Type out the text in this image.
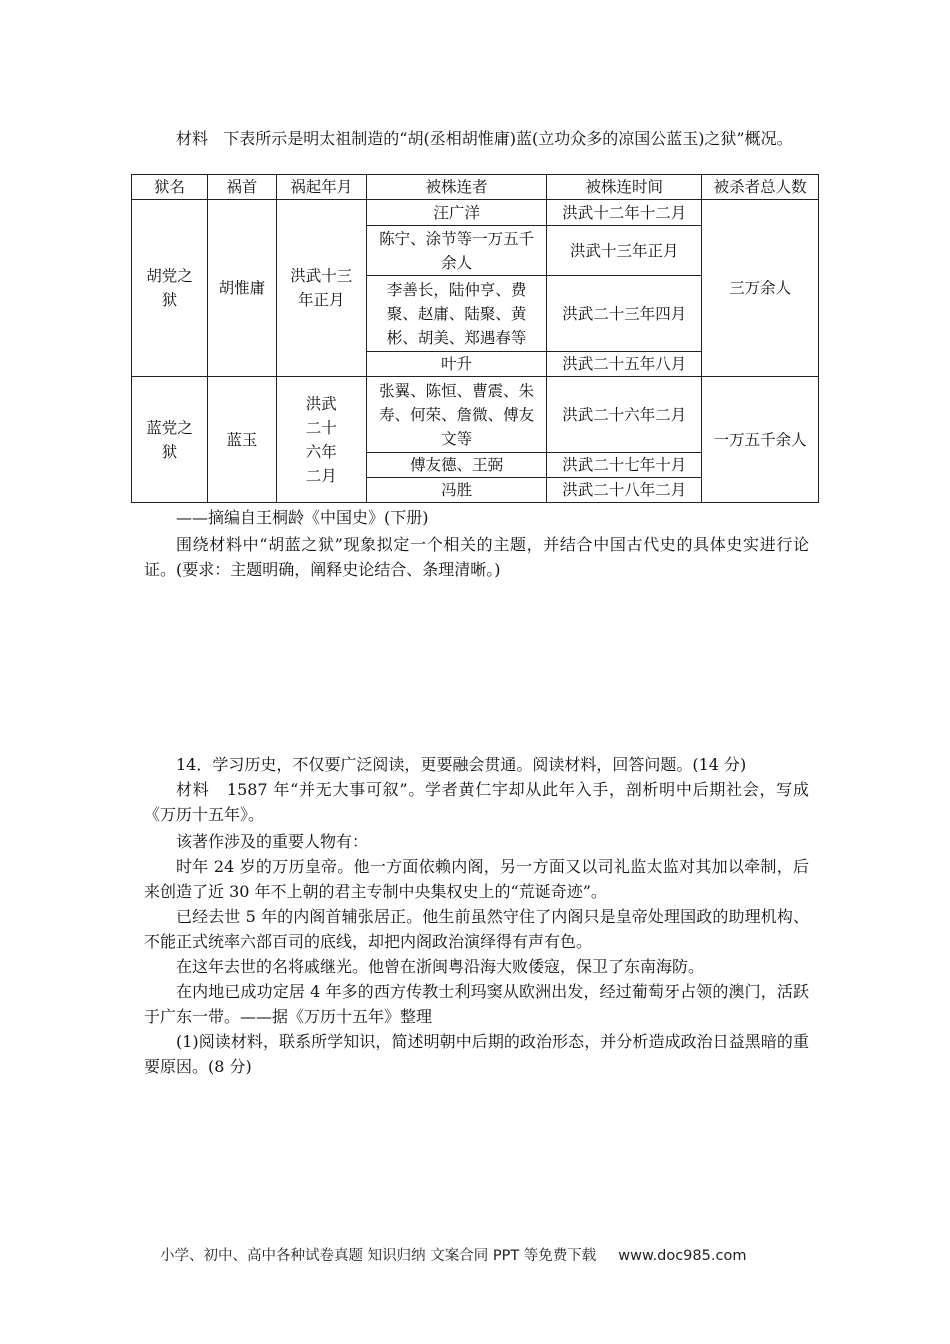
材料 下表所示是明太祖制造的“胡(丞相胡惟庸)蓝(立功众多的凉国公蓝玉)之狱”概况。

狱名	祸首	祸起年月	被株连者	被株连时间	被杀者总人数
胡党之狱	胡惟庸	洪武十三年正月	汪广洋	洪武十二年十二月	三万余人
			陈宁、涂节等一万五千余人	洪武十三年正月	
			李善长，陆仲亨、费聚、赵庸、陆聚、黄彬、胡美、郑遇春等	洪武二十三年四月	
			叶升	洪武二十五年八月	
蓝党之狱	蓝玉	洪武二十六年二月	张翼、陈恒、曹震、朱寿、何荣、詹微、傅友文等	洪武二十六年二月	一万五千余人
			傅友德、王弼	洪武二十七年十月	
			冯胜	洪武二十八年二月	

——摘编自王桐龄《中国史》(下册)

围绕材料中“胡蓝之狱”现象拟定一个相关的主题，并结合中国古代史的具体史实进行论证。(要求：主题明确，阐释史论结合、条理清晰。)

14．学习历史，不仅要广泛阅读，更要融会贯通。阅读材料，回答问题。(14 分)

材料 1587 年“并无大事可叙”。学者黄仁宇却从此年入手，剖析明中后期社会，写成《万历十五年》。

该著作涉及的重要人物有：

时年 24 岁的万历皇帝。他一方面依赖内阁，另一方面又以司礼监太监对其加以牵制，后来创造了近 30 年不上朝的君主专制中央集权史上的“荒诞奇迹”。

已经去世 5 年的内阁首辅张居正。他生前虽然守住了内阁只是皇帝处理国政的助理机构、不能正式统率六部百司的底线，却把内阁政治演绎得有声有色。

在这年去世的名将戚继光。他曾在浙闽粤沿海大败倭寇，保卫了东南海防。

在内地已成功定居 4 年多的西方传教士利玛窦从欧洲出发，经过葡萄牙占领的澳门，活跃于广东一带。——据《万历十五年》整理

(1)阅读材料，联系所学知识，简述明朝中后期的政治形态，并分析造成政治日益黑暗的重要原因。(8 分)

小学、初中、高中各种试卷真题 知识归纳 文案合同 PPT 等免费下载 www.doc985.com
